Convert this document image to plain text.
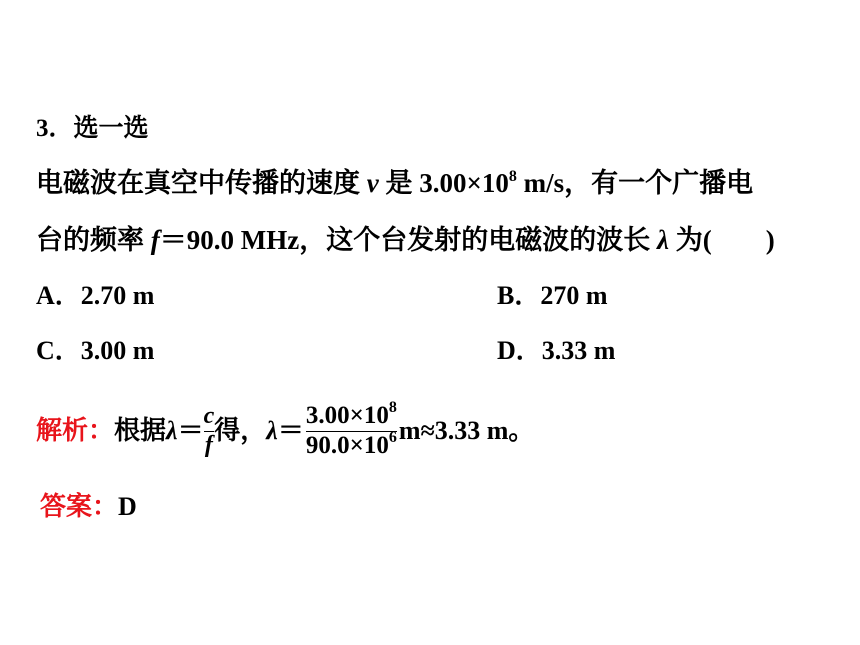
3．选一选
电磁波在真空中传播的速度 v 是 $3.00\times 10^8$ m/s，有一个广播电
台的频率 f＝90.0 MHz，这个台发射的电磁波的波长 λ 为(　　)
A．2.70 m	B．270 m
C．3.00 m	D．3.33 m
解析： 根据 $\lambda = \frac{c}{f}$ 得， $\lambda = \frac{3.00\times 10^8}{90.0\times 10^6} m\approx 3.33$ m。
答案：D
